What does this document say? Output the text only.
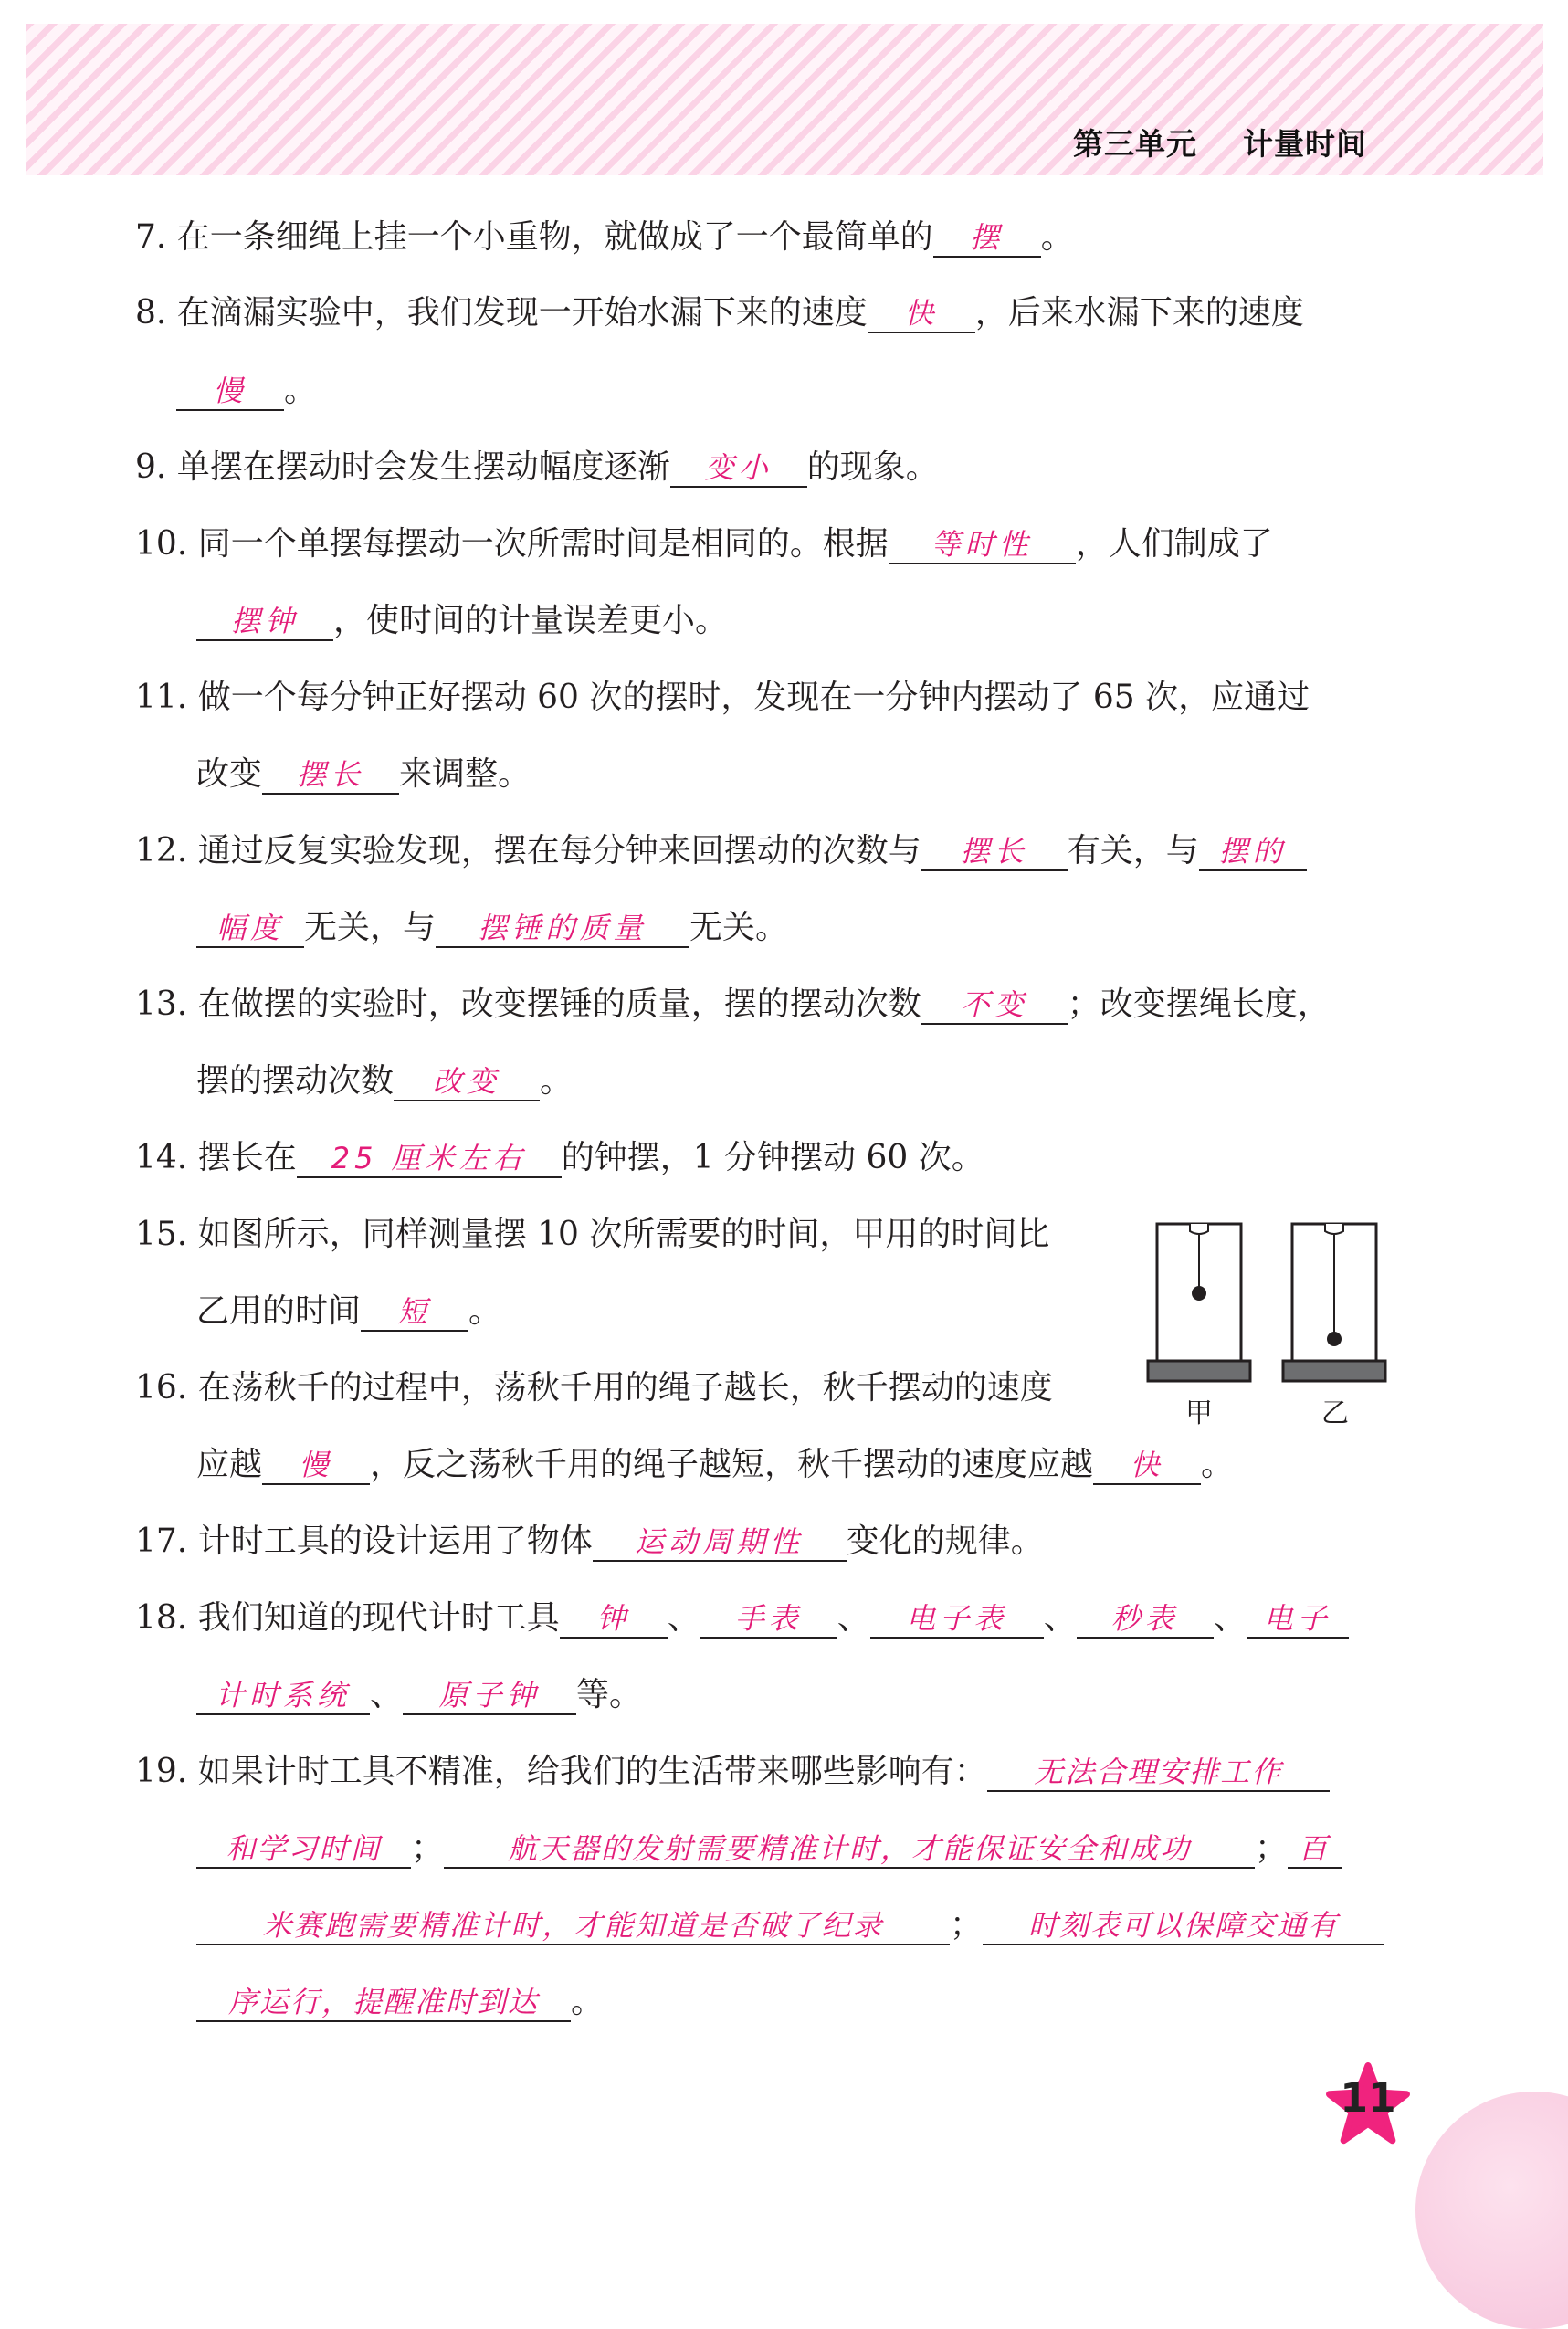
第三单元    计量时间
7. 在一条细绳上挂一个小重物，就做成了一个最简单的 摆 。
8. 在滴漏实验中，我们发现一开始水漏下来的速度 快 ，后来水漏下来的速度
慢 。
9. 单摆在摆动时会发生摆动幅度逐渐 变小 的现象。
10. 同一个单摆每摆动一次所需时间是相同的。根据 等时性 ，人们制成了
摆钟 ，使时间的计量误差更小。
11. 做一个每分钟正好摆动 60 次的摆时，发现在一分钟内摆动了 65 次，应通过
改变 摆长 来调整。
12. 通过反复实验发现，摆在每分钟来回摆动的次数与 摆长 有关，与 摆的
幅度 无关，与 摆锤的质量 无关。
13. 在做摆的实验时，改变摆锤的质量，摆的摆动次数 不变 ；改变摆绳长度，
摆的摆动次数 改变 。
14. 摆长在 25 厘米左右 的钟摆，1 分钟摆动 60 次。
15. 如图所示，同样测量摆 10 次所需要的时间，甲用的时间比
乙用的时间 短 。
甲	乙
16. 在荡秋千的过程中，荡秋千用的绳子越长，秋千摆动的速度
应越 慢 ，反之荡秋千用的绳子越短，秋千摆动的速度应越 快 。
17. 计时工具的设计运用了物体 运动周期性 变化的规律。
18. 我们知道的现代计时工具 钟 、 手表 、 电子表 、 秒表 、 电子
计时系统 、 原子钟 等。
19. 如果计时工具不精准，给我们的生活带来哪些影响有： 无法合理安排工作
和学习时间 ； 航天器的发射需要精准计时，才能保证安全和成功 ； 百
米赛跑需要精准计时，才能知道是否破了纪录 ； 时刻表可以保障交通有
序运行，提醒准时到达 。
11
